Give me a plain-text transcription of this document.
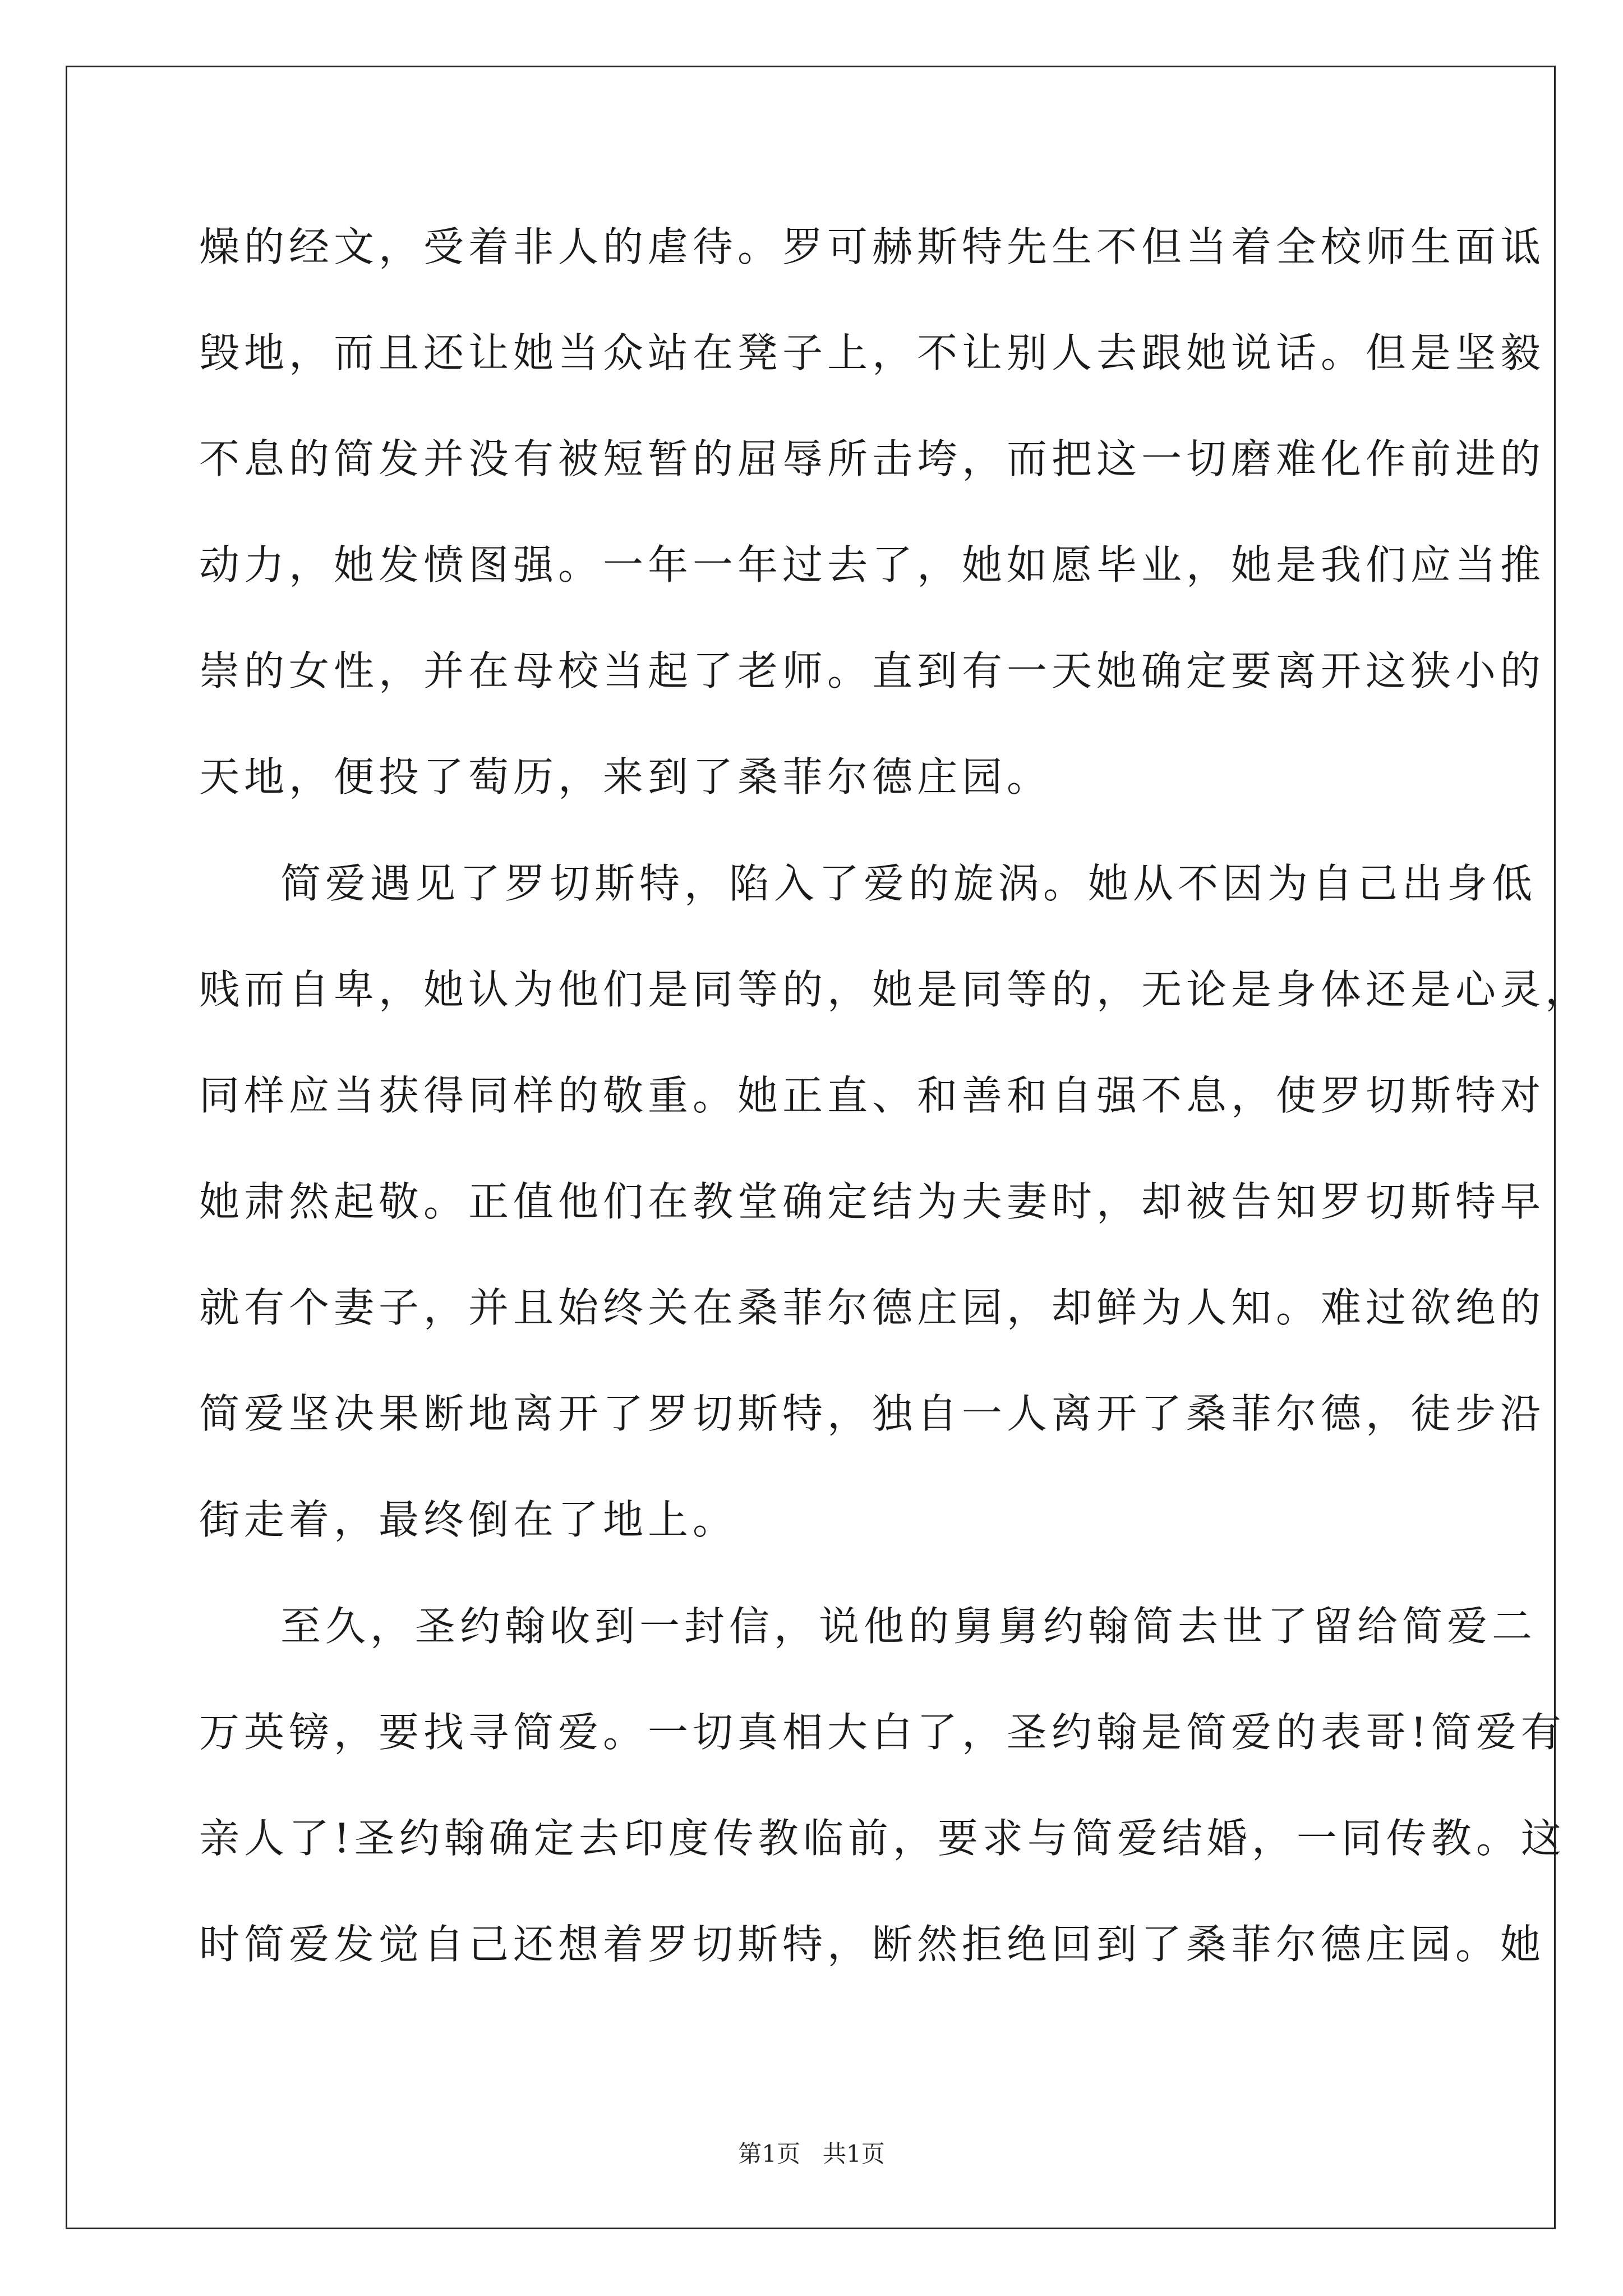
燥的经文，受着非人的虐待。罗可赫斯特先生不但当着全校师生面诋
毁地，而且还让她当众站在凳子上，不让别人去跟她说话。但是坚毅
不息的简发并没有被短暂的屈辱所击垮，而把这一切磨难化作前进的
动力，她发愤图强。一年一年过去了，她如愿毕业，她是我们应当推
崇的女性，并在母校当起了老师。直到有一天她确定要离开这狭小的
天地，便投了萄历，来到了桑菲尔德庄园。
简爱遇见了罗切斯特，陷入了爱的旋涡。她从不因为自己出身低
贱而自卑，她认为他们是同等的，她是同等的，无论是身体还是心灵，
同样应当获得同样的敬重。她正直、和善和自强不息，使罗切斯特对
她肃然起敬。正值他们在教堂确定结为夫妻时，却被告知罗切斯特早
就有个妻子，并且始终关在桑菲尔德庄园，却鲜为人知。难过欲绝的
简爱坚决果断地离开了罗切斯特，独自一人离开了桑菲尔德，徒步沿
街走着，最终倒在了地上。
至久，圣约翰收到一封信，说他的舅舅约翰简去世了留给简爱二
万英镑，要找寻简爱。一切真相大白了，圣约翰是简爱的表哥!简爱有
亲人了!圣约翰确定去印度传教临前，要求与简爱结婚，一同传教。这
时简爱发觉自己还想着罗切斯特，断然拒绝回到了桑菲尔德庄园。她
第1页   共1页
